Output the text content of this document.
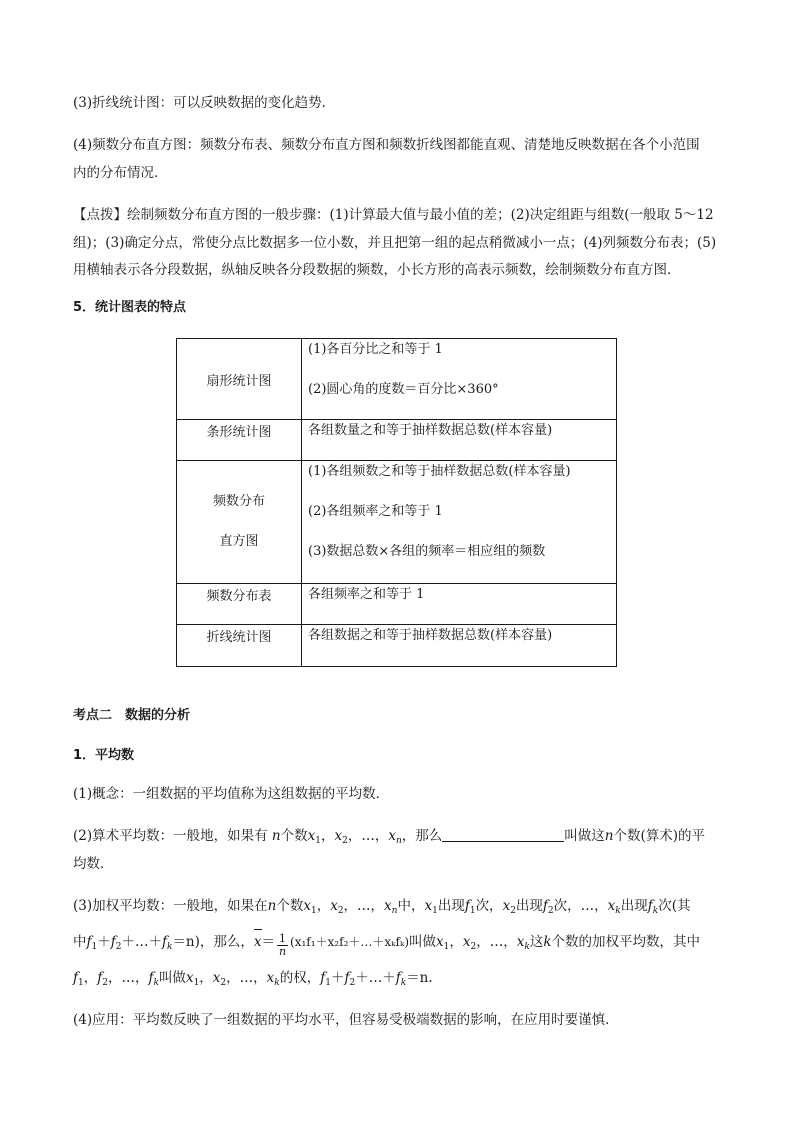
(3)折线统计图：可以反映数据的变化趋势．
(4)频数分布直方图：频数分布表、频数分布直方图和频数折线图都能直观、清楚地反映数据在各个小范围
内的分布情况．
【点拨】绘制频数分布直方图的一般步骤：(1)计算最大值与最小值的差；(2)决定组距与组数(一般取 5～12
组)；(3)确定分点，常使分点比数据多一位小数，并且把第一组的起点稍微减小一点；(4)列频数分布表；(5)
用横轴表示各分段数据，纵轴反映各分段数据的频数，小长方形的高表示频数，绘制频数分布直方图．
5．统计图表的特点
扇形统计图	(1)各百分比之和等于 1
(2)圆心角的度数＝百分比×360°

条形统计图	各组数量之和等于抽样数据总数(样本容量)

频数分布
直方图	(1)各组频数之和等于抽样数据总数(样本容量)
(2)各组频率之和等于 1
(3)数据总数×各组的频率＝相应组的频数

频数分布表	各组频率之和等于 1

折线统计图	各组数据之和等于抽样数据总数(样本容量)
考点二　数据的分析
1．平均数
(1)概念：一组数据的平均值称为这组数据的平均数．
(2)算术平均数：一般地，如果有 n个数$x_1$，$x_2$，…，$x_n$，那么	叫做这n个数(算术)的平
均数．
(3)加权平均数：一般地，如果在n个数$x_1$，$x_2$，…，$x_n$中，$x_1$出现$f_1$次，$x_2$出现$f_2$次，…，$x_k$出现$f_k$次(其
中$f_1+f_2+\dots+f_k=n$)，那么，$x= \frac{1}{n}$ (x₁f₁＋x₂f₂＋…＋xₖfₖ)叫做$x_1$，$x_2$，…，$x_k$这k个数的加权平均数，其中
$f_1$，$f_2$，…，$f_k$叫做$x_1$，$x_2$，…，$x_k$的权，$f_1+f_2+\dots+f_k=n$.
(4)应用：平均数反映了一组数据的平均水平，但容易受极端数据的影响，在应用时要谨慎．
